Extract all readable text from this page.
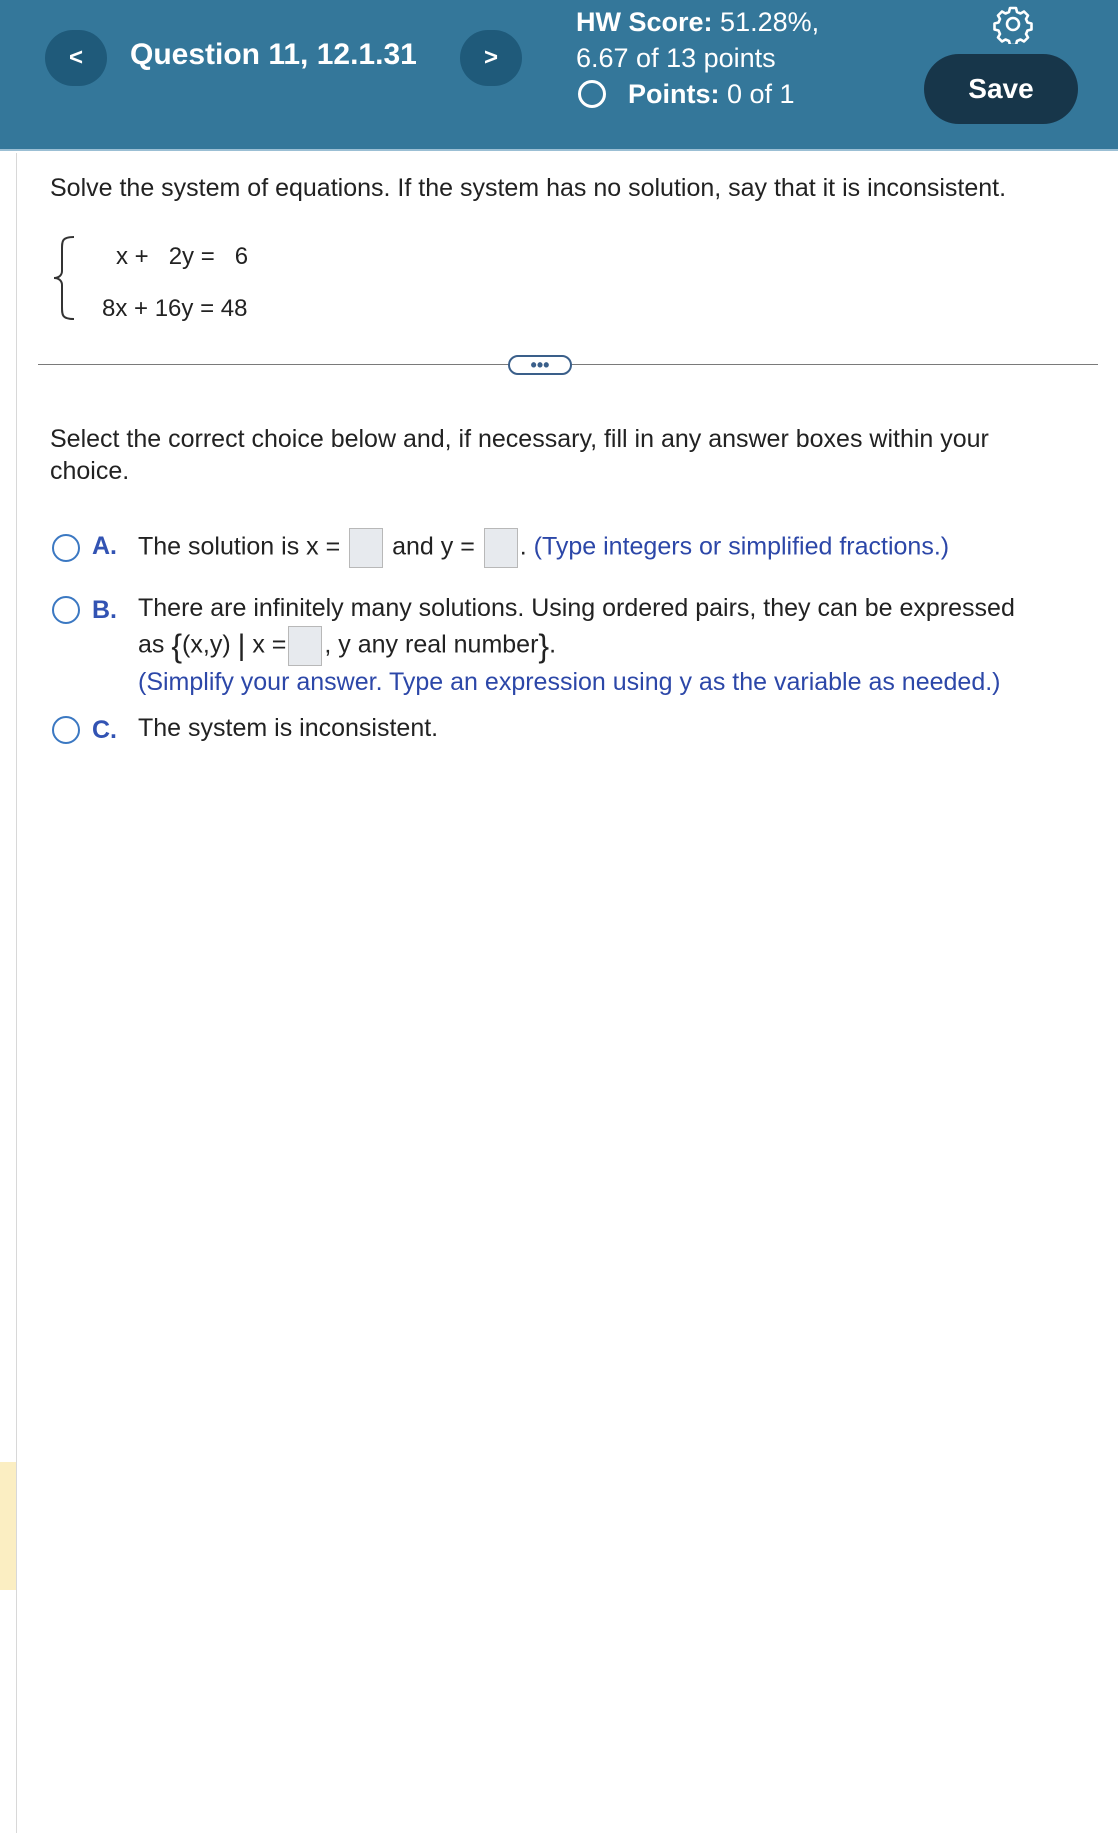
< Question 11, 12.1.31	>
HW Score: 51.28%,
6.67 of 13 points
Points:
0 of 1	Save
Solve the system of equations. If the system has no solution, say that it is inconsistent.
x +   2y =   6
8x + 16y = 48
•••
Select the correct choice below and, if necessary, fill in any answer boxes within your choice.
A. The solution is x = and y = . (Type integers or simplified fractions.)
B. There are infinitely many solutions. Using ordered pairs, they can be expressed
as {(x,y) | x = , y any real number}.
(Simplify your answer. Type an expression using y as the variable as needed.)
C. The system is inconsistent.
